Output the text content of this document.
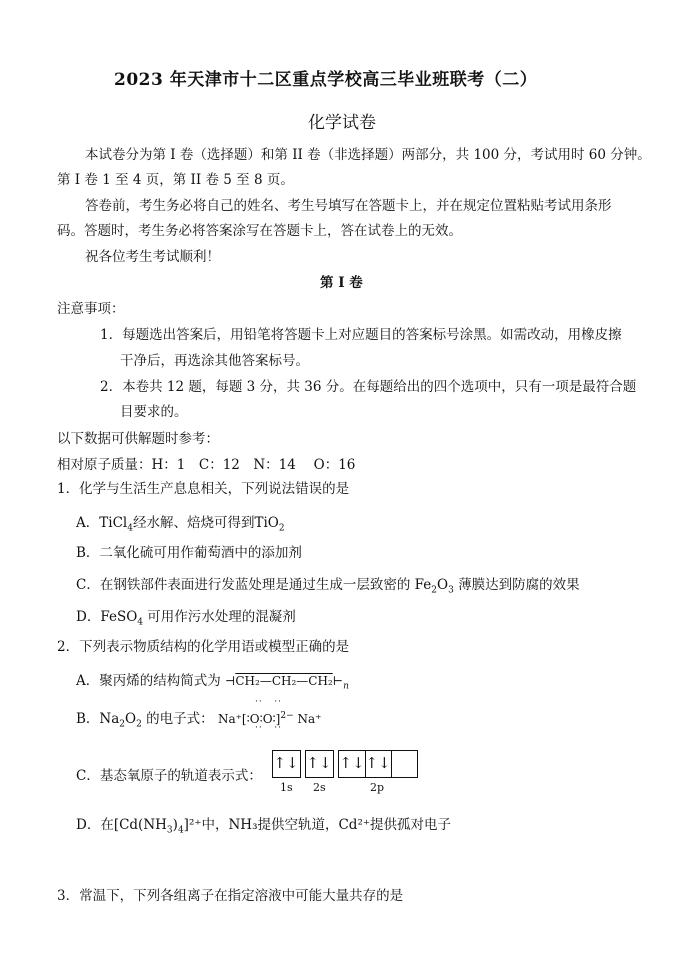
2023 年天津市十二区重点学校高三毕业班联考（二）
化学试卷
本试卷分为第 I 卷（选择题）和第 II 卷（非选择题）两部分，共 100 分，考试用时 60 分钟。
第 I 卷 1 至 4 页，第 II 卷 5 至 8 页。
答卷前，考生务必将自己的姓名、考生号填写在答题卡上，并在规定位置粘贴考试用条形
码。答题时，考生务必将答案涂写在答题卡上，答在试卷上的无效。
祝各位考生考试顺利！
第 I 卷
注意事项：
1．每题选出答案后，用铅笔将答题卡上对应题目的答案标号涂黑。如需改动，用橡皮擦
干净后，再选涂其他答案标号。
2．本卷共 12 题，每题 3 分，共 36 分。在每题给出的四个选项中，只有一项是最符合题
目要求的。
以下数据可供解题时参考：
相对原子质量：H：1　C：12　N：14　 O：16
1．化学与生活生产息息相关，下列说法错误的是
A．TiCl$_4$经水解、焙烧可得到TiO$_2$
B．二氧化硫可用作葡萄酒中的添加剂
C．在钢铁部件表面进行发蓝处理是通过生成一层致密的 $Fe_2O_3$ 薄膜达到防腐的效果
D．FeSO$_4$ 可用作污水处理的混凝剂
2．下列表示物质结构的化学用语或模型正确的是
A．聚丙烯的结构简式为 $⊣CH_2—CH_2—CH_2⊢_n$
··   ··
B．$Na_2O_2$ 的电子式： Na⁺[∶O∶O∶]$^{2-}$ Na⁺
··   ··
C．基态氧原子的轨道表示式：
↑↓ ↑↓ ↑↓ ↑↓
1s 2s	2p
D．在$[Cd(NH_3)_4]^{2+}$中，NH₃提供空轨道，Cd²⁺提供孤对电子
3．常温下，下列各组离子在指定溶液中可能大量共存的是
